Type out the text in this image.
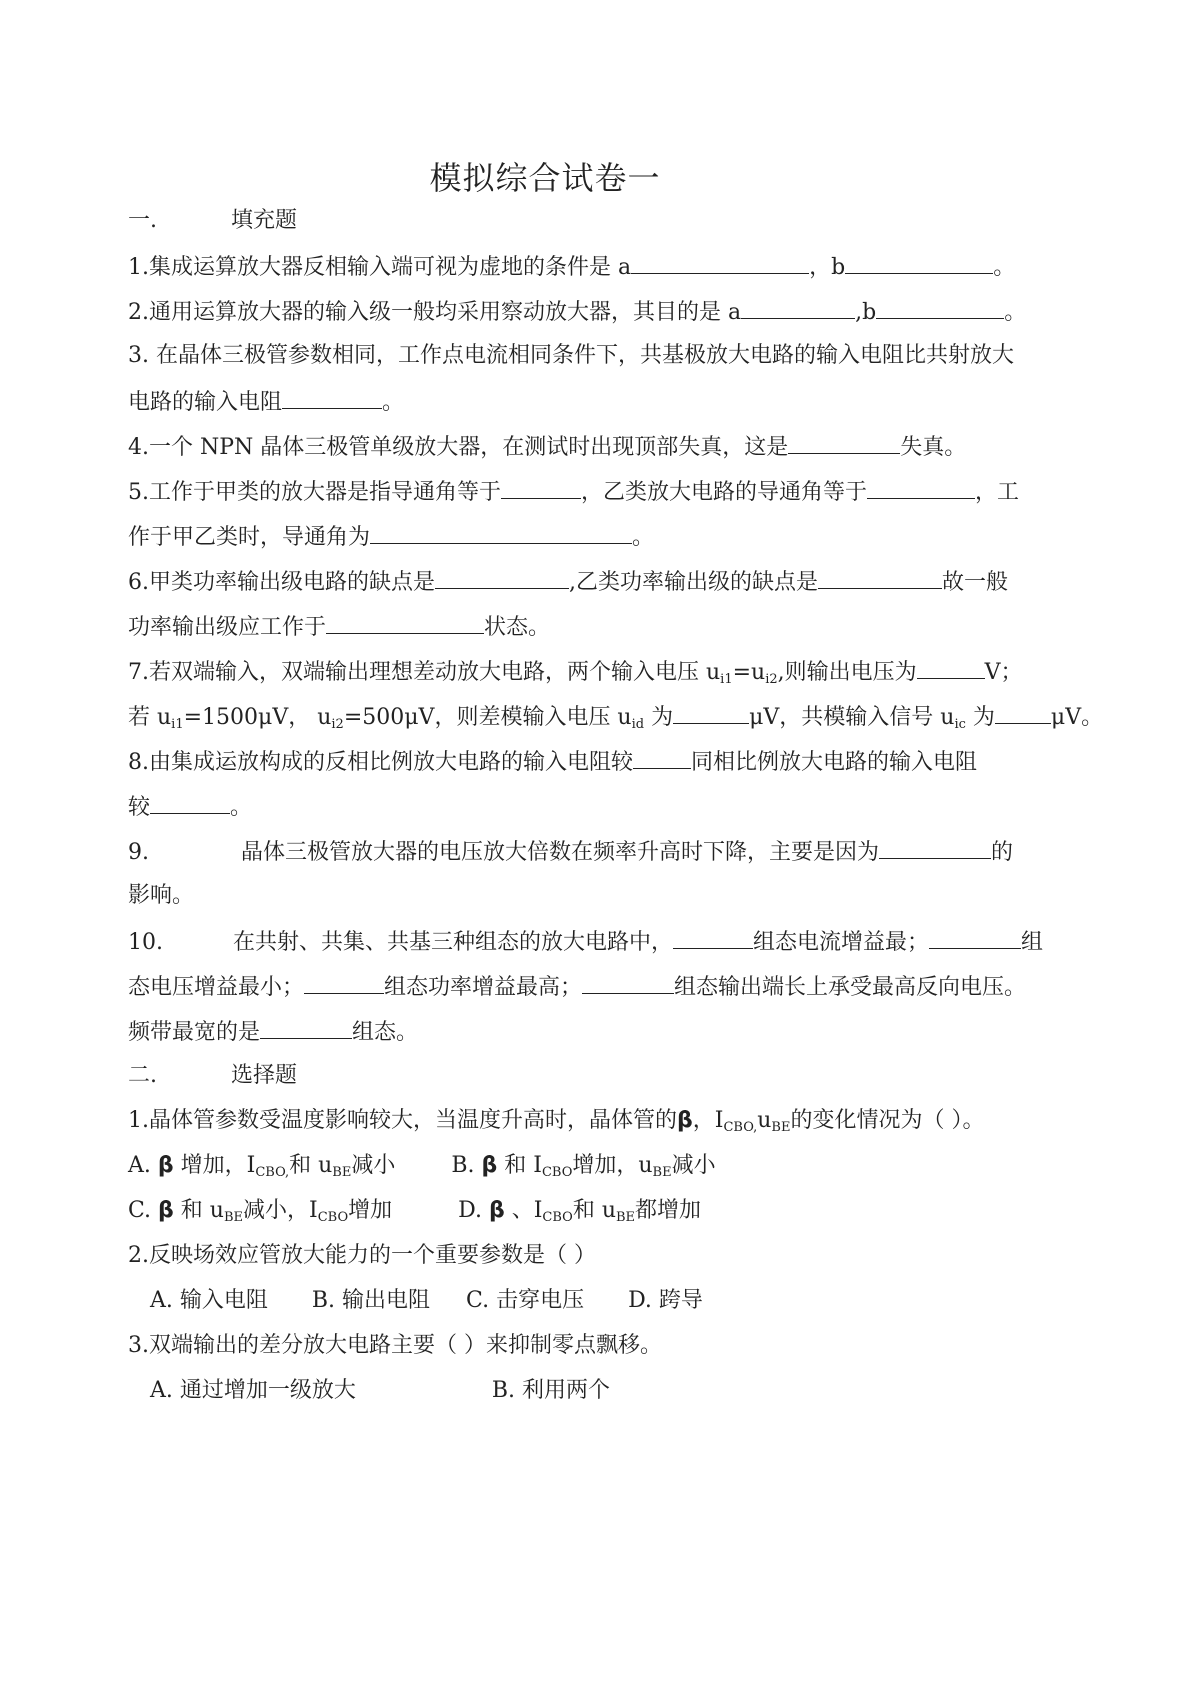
模拟综合试卷一
一.	填充题
1.集成运算放大器反相输入端可视为虚地的条件是 a	，b	。
2.通用运算放大器的输入级一般均采用察动放大器，其目的是 a	,b	。
3. 在晶体三极管参数相同，工作点电流相同条件下，共基极放大电路的输入电阻比共射放大
电路的输入电阻	。
4.一个 NPN 晶体三极管单级放大器，在测试时出现顶部失真，这是	失真。
5.工作于甲类的放大器是指导通角等于	，乙类放大电路的导通角等于	，工
作于甲乙类时，导通角为	。
6.甲类功率输出级电路的缺点是	,乙类功率输出级的缺点是	故一般
功率输出级应工作于	状态。
7.若双端输入，双端输出理想差动放大电路，两个输入电压 $u_{i1}=u_{i2}$,则输出电压为	V；
若 $u_{i1}=1500\mu V$， $u_{i2}=500\mu V$，则差模输入电压 $u_{id}$ 为	μV，共模输入信号 $u_{ic}$ 为	μV。
8.由集成运放构成的反相比例放大电路的输入电阻较	同相比例放大电路的输入电阻
较	。
9.	晶体三极管放大器的电压放大倍数在频率升高时下降，主要是因为	的
影响。
10.	在共射、共集、共基三种组态的放大电路中，	组态电流增益最；	组
态电压增益最小；	组态功率增益最高；	组态输出端长上承受最高反向电压。
频带最宽的是	组态。
二.	选择题
1.晶体管参数受温度影响较大，当温度升高时，晶体管的β，$I_{CBO,}u_{BE}$的变化情况为（ ）。
A. β 增加，$I_{CBO,}$和 $u_{BE}$减小	B. β 和 $I_{CBO}$增加，$u_{BE}$减小
C. β 和 $u_{BE}$减小，$I_{CBO}$增加	D. β 、$I_{CBO}$和 $u_{BE}$都增加
2.反映场效应管放大能力的一个重要参数是（ ）
A. 输入电阻 B. 输出电阻 C. 击穿电压 D. 跨导
3.双端输出的差分放大电路主要（ ）来抑制零点飘移。
A. 通过增加一级放大	B. 利用两个
